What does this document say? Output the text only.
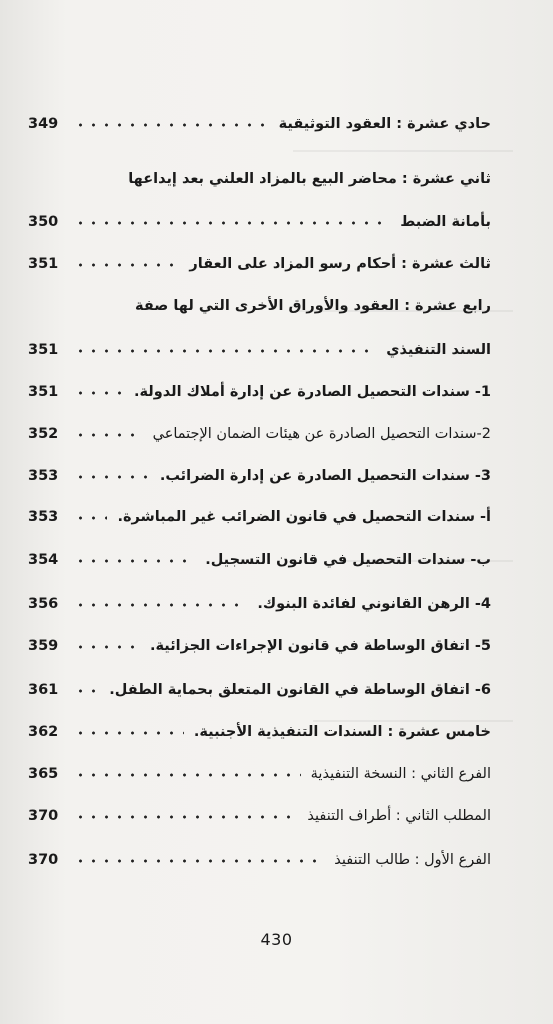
حادي عشرة : العقود التوثيقية
349
ثاني عشرة : محاضر البيع بالمزاد العلني بعد إيداعها
بأمانة الضبط
350
ثالث عشرة : أحكام رسو المزاد على العقار
351
رابع عشرة : العقود والأوراق الأخرى التي لها صفة
السند التنفيذي
351
1- سندات التحصيل الصادرة عن إدارة أملاك الدولة.
351
2-سندات التحصيل الصادرة عن هيئات الضمان الإجتماعي
352
3- سندات التحصيل الصادرة عن إدارة الضرائب.
353
أ- سندات التحصيل في قانون الضرائب غير المباشرة.
353
ب- سندات التحصيل في قانون التسجيل.
354
4- الرهن القانوني لفائدة البنوك.
356
5- اتفاق الوساطة في قانون الإجراءات الجزائية.
359
6- اتفاق الوساطة في القانون المتعلق بحماية الطفل.
361
خامس عشرة : السندات التنفيذية الأجنبية.
362
الفرع الثاني : النسخة التنفيذية
365
المطلب الثاني : أطراف التنفيذ
370
الفرع الأول : طالب التنفيذ
370
430
